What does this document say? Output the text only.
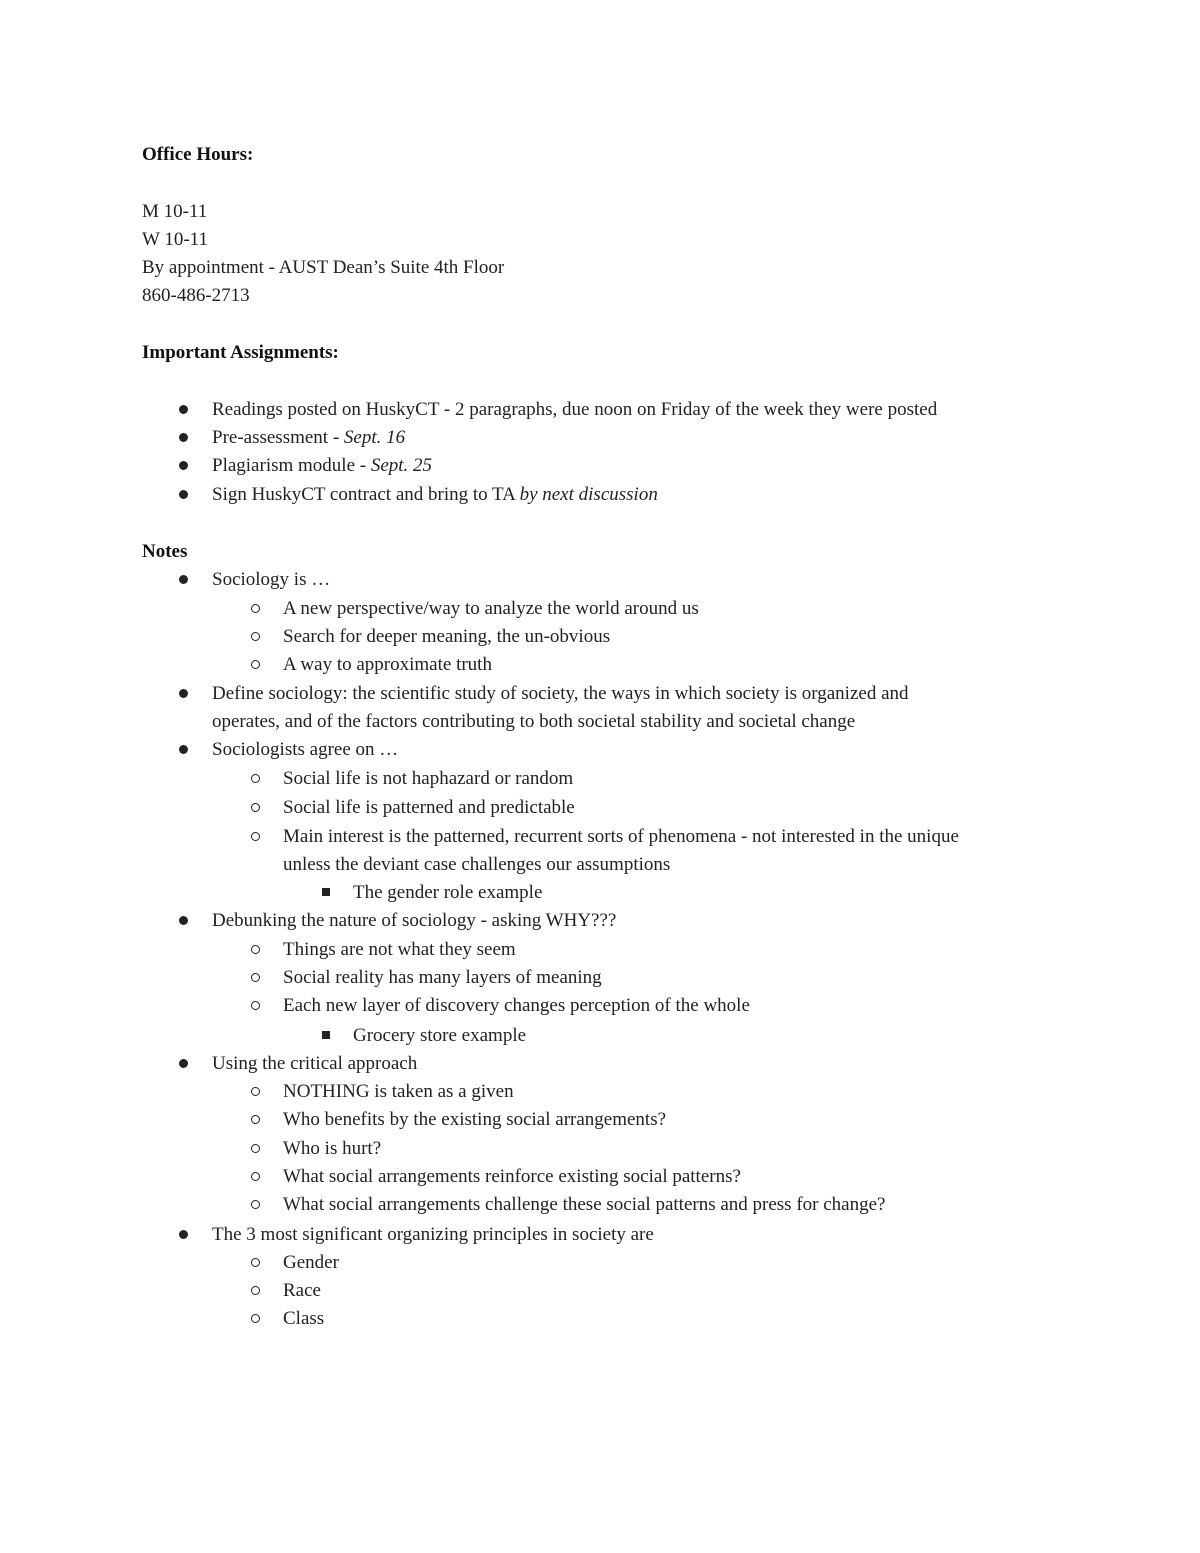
Office Hours:
M 10-11
W 10-11
By appointment - AUST Dean’s Suite 4th Floor
860-486-2713
Important Assignments:
Readings posted on HuskyCT - 2 paragraphs, due noon on Friday of the week they were posted
Pre-assessment - Sept. 16
Plagiarism module - Sept. 25
Sign HuskyCT contract and bring to TA by next discussion
Notes
Sociology is …
A new perspective/way to analyze the world around us
Search for deeper meaning, the un-obvious
A way to approximate truth
Define sociology: the scientific study of society, the ways in which society is organized and
operates, and of the factors contributing to both societal stability and societal change
Sociologists agree on …
Social life is not haphazard or random
Social life is patterned and predictable
Main interest is the patterned, recurrent sorts of phenomena - not interested in the unique
unless the deviant case challenges our assumptions
The gender role example
Debunking the nature of sociology - asking WHY???
Things are not what they seem
Social reality has many layers of meaning
Each new layer of discovery changes perception of the whole
Grocery store example
Using the critical approach
NOTHING is taken as a given
Who benefits by the existing social arrangements?
Who is hurt?
What social arrangements reinforce existing social patterns?
What social arrangements challenge these social patterns and press for change?
The 3 most significant organizing principles in society are
Gender
Race
Class
